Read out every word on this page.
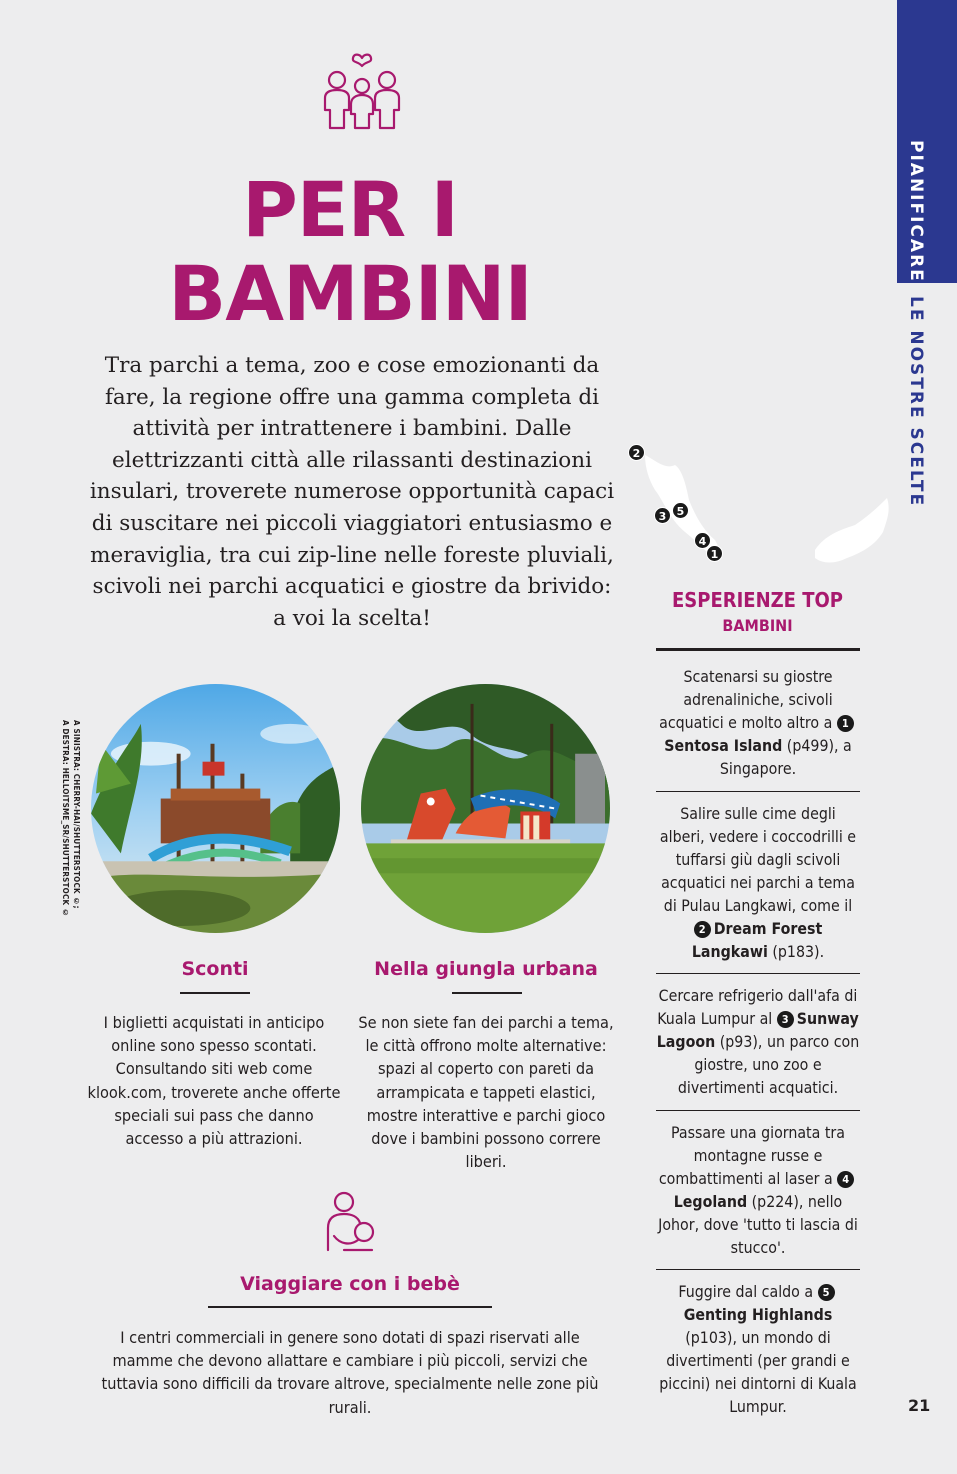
PIANIFICARE
LE NOSTRE SCELTE
PER I
BAMBINI

Tra parchi a tema, zoo e cose emozionanti da fare, la regione offre una gamma completa di attività per intrattenere i bambini. Dalle elettrizzanti città alle rilassanti destinazioni insulari, troverete numerose opportunità capaci di suscitare nei piccoli viaggiatori entusiasmo e meraviglia, tra cui zip-line nelle foreste pluviali, scivoli nei parchi acquatici e giostre da brivido: a voi la scelta!

A SINISTRA: CHERRY-HAI/SHUTTERSTOCK ©;
A DESTRA: HELLOITSME_SR/SHUTTERSTOCK ©
Sconti

I biglietti acquistati in anticipo online sono spesso scontati. Consultando siti web come klook.com, troverete anche offerte speciali sui pass che danno accesso a più attrazioni.

Nella giungla urbana

Se non siete fan dei parchi a tema, le città offrono molte alternative: spazi al coperto con pareti da arrampicata e tappeti elastici, mostre interattive e parchi gioco dove i bambini possono correre liberi.

Viaggiare con i bebè

I centri commerciali in genere sono dotati di spazi riservati alle mamme che devono allattare e cambiare i più piccoli, servizi che tuttavia sono difficili da trovare altrove, specialmente nelle zone più rurali.

2
3 5
4
1
ESPERIENZE TOP
BAMBINI
Scatenarsi su giostre adrenaliniche, scivoli acquatici e molto altro a 1Sentosa Island (p499), a Singapore.
Salire sulle cime degli alberi, vedere i coccodrilli e tuffarsi giù dagli scivoli acquatici nei parchi a tema di Pulau Langkawi, come il 2 Dream Forest Langkawi (p183).
Cercare refrigerio dall'afa di Kuala Lumpur al 3 Sunway Lagoon (p93), un parco con giostre, uno zoo e divertimenti acquatici.
Passare una giornata tra montagne russe e combattimenti al laser a 4Legoland (p224), nello Johor, dove 'tutto ti lascia di stucco'.
Fuggire dal caldo a 5Genting Highlands (p103), un mondo di divertimenti (per grandi e piccini) nei dintorni di Kuala Lumpur.	21
